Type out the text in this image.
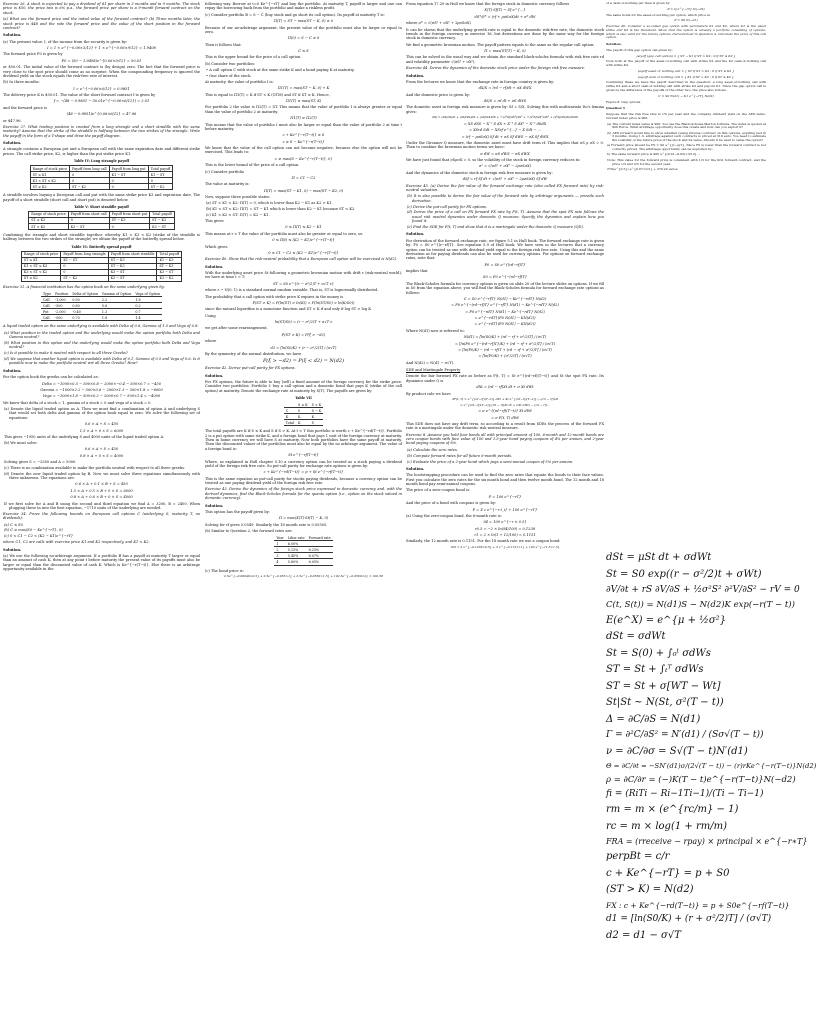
Exercise 26. A stock is expected to pay a dividend of $1 per share in 3 months and in 9 months. The stock price is $50, the price two is 6% p.a., the forward price per share is a 9-month forward contract on the stock.

(a) What are the forward price and the initial value of the forward contract? (b) Three months later, the stock price is $48 and the rate the forward price and the value of the short position in the forward contract?

Solution.

(a) The present value, I, of the income from the security is given by:

I = 1 × e^{−0.06×3/12} + 1 × e^{−0.06×9/12} = 1.9408

The forward price F0 is given by

F0 = (50 − 1.9408)e^{0.06×9/12} = 50.01

or $50.01. The initial value of the forward contract is (by design) zero. The fact that the forward price is very close to the spot price should come as no surprise. When the compounding frequency is ignored the dividend yield on the stock equals the risk-free rate of interest.

(b) In three months:

I = e^{−0.06×6/12} = 0.9851

The delivery price K is $50.01. The value of the short forward contract f is given by

f = −(48 − 0.9851 − 50.01e^{−0.06×6/12}) = 2.01

and the forward price is

(48 − 0.9851)e^{0.06×6/12} = 47.96

or $47.96.

Exercise 27. What trading position is created from a long strangle and a short straddle with the same maturity? Assume that the strike of the straddle is halfway between the two strikes of the strangle. Write the payoff in the form of a T-shape and draw the payoff diagram.

Solution.

A strangle contains a European put and a European call with the same expiration date and different strike prices. The call strike price, K2, is higher than the put strike price K1.

Table IV: Long strangle payoff
Range of stock price	Payoff from long call	Payoff from long put	Total payoff
ST ≤ K1	0	K1 − ST	K1 − ST
K1 < ST < K2	0	0	0
ST ≥ K2	ST − K2	0	ST − K2

A straddle involves buying a European call and put with the same strike price K3 and expiration date. The payoff of a short straddle (short call and short put) is denoted below.

Table V: Short straddle payoff
Range of stock price	Payoff from short call	Payoff from short put	Total payoff
ST ≤ K3	0	ST − K3	ST − K3
ST > K3	K3 − ST	0	K3 − ST

Combining the strangle and short straddle together, whereby K1 < K3 < K2 (strike of the straddle is halfway between the two strikes of the strangle) we obtain the payoff of the butterfly spread below.

Table VI: Butterfly spread payoff
Range of stock price	Payoff from long strangle	Payoff from short straddle	Total payoff
ST ≤ K1	K1 − ST	ST − K3	K1 − K3
K1 < ST ≤ K3	0	ST − K3	ST − K3
K3 < ST < K2	0	K3 − ST	K3 − ST
ST ≥ K2	ST − K2	K3 − ST	K3 − K2

Exercise 31. A financial institution has the option book on the same underlying given by:

Type	Position	Delta of Option	Gamma of Option	Vega of Option
Call	-1,000	0.50	2.2	1.8
Call	-500	0.80	0.6	0.2
Put	-2,000	-0.40	1.3	0.7
Call	-500	0.70	1.8	1.4

A liquid traded option on the same underlying is available with Delta of 0.6, Gamma of 1.5 and Vega of 0.8.

(a) What position in the traded option and the underlying would make the option portfolio both Delta and Gamma neutral?

(b) What position in this option and the underlying would make the option portfolio both Delta and Vega neutral?

(c) Is it possible to make it neutral with respect to all three Greeks?

(d) We suppose that another liquid option is available with Delta of 0.1, Gamma of 0.5 and Vega of 0.6. Is it possible now to make the portfolio neutral wrt all three Greeks? How?

Solution.

For the option book the greeks can be calculated as:

Delta = −1000×0.5 − 500×0.8 − 2000×−0.4 − 500×0.7 = −450
Gamma = −1000×2.2 − 500×0.6 − 2000×1.3 − 500×1.8 = −6000
Vega = −1000×1.8 − 500×0.2 − 2000×0.7 − 500×1.4 = −4000

We know that delta of a stock = 1, gamma of a stock = 0 and vega of a stock = 0.

(a) Denote the liquid traded option as A. Then we must find a combination of option A and underlying S that would set both delta and gamma of the option book equal to zero. We solve the following set of equations:

0.6 × A + S = 450
1.5 × A + 0 × S = 6000

This gives −1950 units of the underlying S and 4000 units of the liquid traded option A.

(b) We must solve:

0.6 × A + S = 450
0.8 × A + 0 × S = 4000

Solving gives S = −2550 and A = 5000.

(c) There is no combination available to make the portfolio neutral with respect to all three greeks.

(d) Denote the new liquid traded option by B. Now we must solve three equations simultaneously with three unknowns. The equations are:

0.6 × A + 0.1 × B + S = 450
1.5 × A + 0.5 × B + 0 × S = 6000
0.8 × A + 0.6 × B + 0 × S = 4000

If we first solve for A and B using the second and third equation we find A = 3200, B = 2400. When plugging these in into the first equation, −1710 units of the underlying are needed.

Exercise 34. Prove the following bounds on European call options C (underlying S, maturity T, no dividends):

(a) C ≤ S0

(b) C ≥ max(S0 − Ke^{−rT}, 0)

(c) 0 < C1 − C2 < (K2 − K1)e^{−rT}

where C1, C2 are calls with exercise price K1 and K2 respectively, and K1 < K2.

Solution.

(a) We use the following no-arbitrage argument. If a portfolio B has a payoff at maturity T larger or equal than an amount of cash K, then at any point t before maturity the present value of its payoffs must also be larger or equal than the discounted value of cash K. Which is Ke^{−r(T−t)}. Else there is an arbitrage opportunity available in the

following way. Borrow at t=0 Ke^{−rT} and buy the portfolio. At maturity T, payoff is larger and one can repay the borrowing back from the portfolio and make a riskless profit.

(c) Consider portfolio B = S − C (buy stock and go short its call option). Its payoff at maturity T is:

Π(T) = ST − max(ST − K, 0) ≥ 0

Because of our no-arbitrage argument, the present value of the portfolio must also be larger or equal to zero.

Π(0) = S − C ≥ 0

Then it follows that:

C ≤ S

This is the upper bound for the price of a call option.

(b) Consider two portfolios:

• A call option C with stock at the same strike K and a bond paying K at maturity.

• One share of the stock.

At maturity, the value of portfolio I is:

Π1(T) = max(ST − K, 0) + K

This is equal to Π1(T) = K if ST < K (OTM) and ST if ST ≥ K. Hence,

Π1(T) ≥ max(ST, K)

For portfolio 2 the value is Π2(T) = ST. This means that the value of portfolio I is always greater or equal than the value of portfolio 2 at maturity.

Π1(T) ≥ Π2(T)

This means that the value of portfolio I must also be larger or equal than the value of portfolio 2 at time t before maturity.

c + Ke^{−r(T−t)} ≥ S
c ≥ S − Ke^{−r(T−t)}

We know that the value of the call option can not become negative, because else the option will not be exercised. This leads to:

c ≥ max(S − Ke^{−r(T−t)}, 0)

This is the lower bound of the price of a call option.

(c) Consider portfolio

Π = C1 − C2

The value at maturity is:

Π(T) = max(ST − K1, 0) − max(ST − K2, 0)

Now, suppose three possible states:

(a) ST < K1 < K2: Π(T) = 0, which is lower than K2 − K1 as K2 > K1.

(b) K1 < ST < K2: Π(T) = ST − K1 which is lower than K2 − K1 because ST < K2.

(c) K1 < K2 < ST: Π(T) = K2 − K1.

This gives:

0 ≤ Π(T) ≤ K2 − K1

This means at t < T the value of the portfolio must also be greater or equal to zero, so:

0 ≤ Π(t) ≤ (K2 − K1)e^{−r(T−t)}

Which gives:

0 ≤ C1 − C2 ≤ (K2 − K1)e^{−r(T−t)}

Exercise 40. Show that the risk-neutral probability that a European call option will be exercised is N(d2).

Solution.

With the underlying asset price St following a geometric brownian motion with drift r (risk-neutral world), we have at time t = T:

ST = S0 e^{(r − σ²/2)T + σ√T ε}

where ε ~ N(0, 1) is a standard normal random variable. That is, ST is lognormally distributed.

The probability that a call option with strike price K expires in the money is

P(ST > K) = P(ln(ST) > ln(K)) = P(ln(ST/S0) > ln(K/S0))

since the natural logarithm is a monotone function and ST > K if and only if log ST > log K.

Using

ln(ST/S0) = (r − σ²/2)T + σ√T ε

we get after some rearrangement,

P(ST > K) = P(ξ > −d2)

where

d2 = [ln(S0/K) + (r − σ²/2)T] / (σ√T)

By the symmetry of the normal distribution, we have

P(ξ > −d2) = P(ξ < d2) = N(d2)

Exercise 42. Derive put-call parity for FX options.

Solution.

For FX options, the future is able to buy (sell) a fixed amount of the foreign currency for the strike price. Consider two portfolios. Portfolio I: buy a call option and a domestic bond that pays K (strike of the call option) at maturity. Denote the exchange rate at maturity by S(T). The payoffs are given by:

Table VII
	S ≤ K	S > K
C	0	S − K
K	K	K
Total	K	S

The total payoffs are K if S ≤ K and S if S > K. At t < T this portfolio is worth c + Ke^{−rd(T−t)}. Portfolio 2 is a put option with same strike K, and a foreign bond that pays 1 unit of the foreign currency at maturity. Then in home currency we will have S at maturity. Now both portfolios have the same payoff at maturity. Then the discounted values of the portfolios must also be equal by the no arbitrage argument. The value of a foreign bond is:

St e^{−rf(T−t)}

Where, as explained in Hull chapter 5.10 a currency option can be treated as a stock paying a dividend yield of the foreign risk free rate. So put-call parity for exchange rate options is given by:

c + Ke^{−rd(T−t)} = p + St e^{−rf(T−t)}

This is the same equation as put-call parity for stocks paying dividends, because a currency option can be treated as one paying dividend yield of the foreign risk free rate.

Exercise 43. Derive the dynamics of the foreign stock price expressed in domestic currency and, with the derived dynamics, find the Black-Scholes formula for the quanto option (i.e., option on the stock valued in domestic currency).

Solution.

This option has the payoff given by:

Π = max(X(T)·St(T) − K, 0)

Solving for rf gives 0.0549. Similarly the 18 month rate is 0.05505.

(b) Similar to Question 2, the forward rates are:

Year	Libor rate	Forward rate
1	6.00%	
2	5.13%	6.25%
3	5.45%	6.07%
4	5.60%	6.05%

(c) The bond price is:

2.5e^{−0.00049×0.5} + 2.5e^{−0.055×1} + 2.5e^{−0.0550×1.5} + 102.5e^{−0.0560×2} = 100.58

From equation 17.20 in Hull we know that the foreign stock in domestic currency follows

X(T)·Sf(T) ~ Sf e^{...}
dS*/S* = (rf + ρσSσX)dt + σ* dW

where σ* = √(σS² + σX² + 2ρσSσX)

It can be shown that the underlying growth rate is equal to the domestic risk-free rate, the domestic stock trends in the foreign currency in exercise 16, but derivations are done by the same way for the foreign stock in domestic currency.

We find a geometric brownian motion. The payoff pattern equals to the same as the regular call option:

Π = max(ST(T) − K, 0)

This can be solved in the usual way and we obtain the standard black-scholes formula with risk free rate rd and volatility parameter √(σS² + σX²).

Exercise 44. Derive the dynamics of the domestic stock price under the foreign risk free measure.

Solution.

From the lectures we know that the exchange rate in foreign country is given by:

dX/X = (rd − rf)dt + σX dWX

And the domestic price is given by:

dS/S = rd dt + σS dWS

The domestic asset in foreign risk measure is given by: Sf = S/X. Solving this with multivariate Ito's lemma gives:

dSf = (∂Sf/∂t)dt + (∂Sf/∂S)dS + (∂Sf/∂X)dX + ½(∂²Sf/∂S²)dS² + ½(∂²Sf/∂X²)dX² + (∂²Sf/∂S∂X)dSdX
= XS dSS − X⁻² S dX + X⁻³ S dX² − X⁻² dSdX
= XSrd Sdt − XSrf e^{...} − X Sdt − ...
= (rf − ρσSσX) Sf dt + σS Sf dWS − σX Sf dWX

Under the Girsanov Q measure, the domestic asset must have drift term rf. This implies that σS ρ σX = 0. Then to combine the brownian motion terms we have:

σ dW = σS dWS − σX dWX

We have just found that σSρσX = 0, so the volatility of the stock in foreign currency reduces to:

σ² = √(σS² + σX² − 2ρσSσX)

And the dynamics of the domestic stock in foreign risk free measure is given by:

dSf = rf Sf dt + √(σS² + σX² − 2ρσSσX) Sf dW

Exercise 45. (a) Derive the fair value of the forward exchange rate (also called FX forward rate) by risk-neutral valuation.

(b) It is also possible to derive the fair value of the forward rate by arbitrage arguments — provide such derivation.

(c) Derive the put-call parity for FX options.

(d) Derive the price of a call on FX forward FX rate by F(t, T). Assume that the spot FX rate follows the usual risk neutral dynamics under domestic Q measure. Specify the dynamics and explain how you found it.

(e) Find the SDE for F(t, T) and show that it is a martingale under the domestic Q measure (QD).

Solution.

For derivation of the forward exchange rate, we figure 5.1 in Hull book. The forward exchange rate is given by: F0 = S0 e^{(r−rf)T}. See equation 5.9 of Hull book. We have seen in the lectures that a currency option can be treated as one with dividend yield equal to the foreign risk free rate. Using this and the same derivation as for paying dividends can also be used for currency options. For options on forward exchange rates, note that:

F0 = S0 e^{(rd−rf)T}

implies that

S0 = F0 e^{−(rd−rf)T}

The Black-Scholes formula for currency options is given on slide 20 of the lecture slides on options. If we fill in S0 from the equation above, you will find the Black-Scholes formula for forward exchange rate options as follows:

C = S0 e^{−rfT} N(d1) − Ke^{−rdT} N(d2)
= F0 e^{−(rd−rf)T} e^{−rfT} N(d1) − Ke^{−rdT} N(d2)
= F0 e^{−rdT} N(d1) − Ke^{−rdT} N(d2)
= e^{−rdT}(F0 N(d1) − KN(d2))
= e^{−rdT}(F0 N(d1) − KN(d2))

Where N(d1) now is referred to:

N(d1) = [ln(S0/K) + (rd − rf + σ²/2)T] / (σ√T)
= [ln(F0 e^{−(rd−rf)T}/K) + (rd − rf + σ²/2)T] / (σ√T)
= [ln(F0/K) − (rd − rf)T + (rd − rf + σ²/2)T] / (σ√T)
= [ln(F0/K) + (σ²/2)T] / (σ√T)

And N(d2) = N(d1 − σ√T).

SDE and Martingale Property

Denote the fair forward FX rate as before as F(t, T) = St e^{(rd−rf)(T−t)} and St the spot FX rate. Its dynamics under Q is

dXt = (rd − rf)Xt dt + σ Xt dWt

By product rule we have

dF(t, T) = e^{(rd−rf)(T−t)} dXt + Xt e^{(rd−rf)(T−t)} (−(rd − rf))dt
= e^{(rd−rf)(T−t)}((rd − rf)Xt dt + σXt dWt) − (rd − rf)...
= σ e^{(rd−rf)(T−t)} Xt dWt
= σ F(t, T) dWt

This SDE does not have any drift term, so according to a result from SDEs the process of the forward FX rate is a martingale under the domestic risk neutral measure.

Exercise 8. Assume you hold four bonds all with principal amount of 100, 6-month and 12-month bonds are zero coupon bonds with face value of 100 and 1.5-year bond paying coupons of 4% per annum, and 2-year bond paying coupons of 6%.

(a) Calculate the zero rates.

(b) Compute forward rates for all future 6-month periods.

(c) Evaluate the price of a 2-year bond which pays a semi-annual coupon of 5% per annum.

Solution.

The bootstrapping procedure can be used to find the zero rates that equate the bonds to their face values. First you calculate the zero rates for the six month bond and then twelve month bond. The 12 month and 18 month bond pay semi-annual coupons.

The price of a zero-coupon bond is:

P = 100 e^{−rT}

And the price of a bond with coupons is given by:

P = Σ c e^{−r t_i} + 100 e^{−rT}

(a) Using the zero-coupon bond, the 6-month rate is:

94 = 100 e^{−r × 0.5}
r0.5 = −2 × ln(94/100) = 0.1238
r1 = 2 × ln(1 + 12/100) = 0.1151

Similarly, the 12 month rate is 0.1151. For the 18 month rate we use a coupon bond:

100 = 3 e^{−0.1238×0.5} + 3 e^{−0.1151×1} + 103 e^{−r1.5×1.5}

of a cash-or-nothing put then is given by:

P = Q e^{−rT} N(−d2)

The same holds for the asset-or-nothing put option, which price is:

P = S0 N(−d1)

Exercise 46. Consider a so-called gap option with parameters K1 and K2, where K1 is the usual strike and K2 is the threshold. Show that the option is actually a portfolio consisting of options, which is also valid for the binary options characterized in Question 4. Calculate the price of this call option.

Solution.

The payoff of this gap option can given by:

payoff (gap call option) = { ST − K1 if ST > K2 ; 0 if ST ≤ K2 }

Note both at the payoff of the asset-or-nothing call with strike K2 and the K2 cash-or-nothing call with strike K2.

payoff asset or nothing call = { ST if ST > K2 ; 0 if ST ≤ K2 }
payoff cash or nothing call = { K1 if ST > K2 ; 0 if ST ≤ K2 }

Combining these we have the payoff described in the question: a long asset-or-nothing call with strike K2 and a short cash-or-nothing call with strike K2 and payout K1. Since the gap option call is given by the difference of the payoffs of the other two, the price also follows.

C = S0 N(d1) − K1 e^{−rT} N(d2)

Figure 8: Gap options.

Question 3

Suppose that the risk free rate is 1% per year and the company dividend yield on the AEX index. Current index price is 900.

(a) The current index value is 900. You use the Black-Scholes-Merton formula. The index is quoted at 900 Euros. What arbitrage opportunity does this create and how can you exploit it?

(b) AEX forward would like to show whether (using futures) contract on this options, expiring just in 3 months. Using 1.3, arbitrage against such contracts is priced at 319 euro. You need to estimate the volatility of the future price of the stock and its value. Should it be used to value the option?

a) Forward price should be F0 = S0 e^{(r−q)T}. Since F0 is lower than the forward contract is not correctly priced. The arbitrage opportunity can be exploited by...

b) The same forward price is 900 e^{(0.01−0.02)×3/12}...

Note: This value for the forward price is consistent with 1/3 for the first forward contract, and the price 1/3 and 2/3 for the second year.

270(e^{0.5}) e^{0.07×0.5} + 270.22 euros.

dSt = μSt dt + σdWt
St = S0 exp((r − σ²/2)t + σWt)
∂V/∂t + rS ∂V/∂S + ½σ²S² ∂²V/∂S² − rV = 0
C(t, S(t)) = N(d1)S − N(d2)K exp(−r(T − t))
E(e^X) = e^{μ + ½σ²}
dSt = σdWt
St = S(0) + ∫₀ᵗ σdWs
ST = St + ∫ₜᵀ σdWs
ST = St + σ[WT − Wt]
St|St ~ N(St, σ²(T − t))
Δ = ∂C/∂S = N(d1)
Γ = ∂²C/∂S² = N′(d1) / (Sσ√(T − t))
ν = ∂C/∂σ = S√(T − t)N′(d1)
Θ = ∂C/∂t = −SN′(d1)σ/(2√(T − t)) − (r)rKe^{−r(T−t)}N(d2)
ρ = ∂C/∂r = (−)K(T − t)e^{−r(T−t)}N(−d2)
fi = (RiTi − Ri−1Ti−1)/(Ti − Ti−1)
rm = m × (e^{rc/m} − 1)
rc = m × log(1 + rm/m)
FRA = (rreceive − rpay) × principal × e^{−r∗T}
perpBt = c/r
c + Ke^{−rT} = p + S0
(ST > K) = N(d2)
FX : c + Ke^{−rd(T−t)} = p + S0e^{−rf(T−t)}
d1 = [ln(S0/K) + (r + σ²/2)T] / (σ√T)
d2 = d1 − σ√T
